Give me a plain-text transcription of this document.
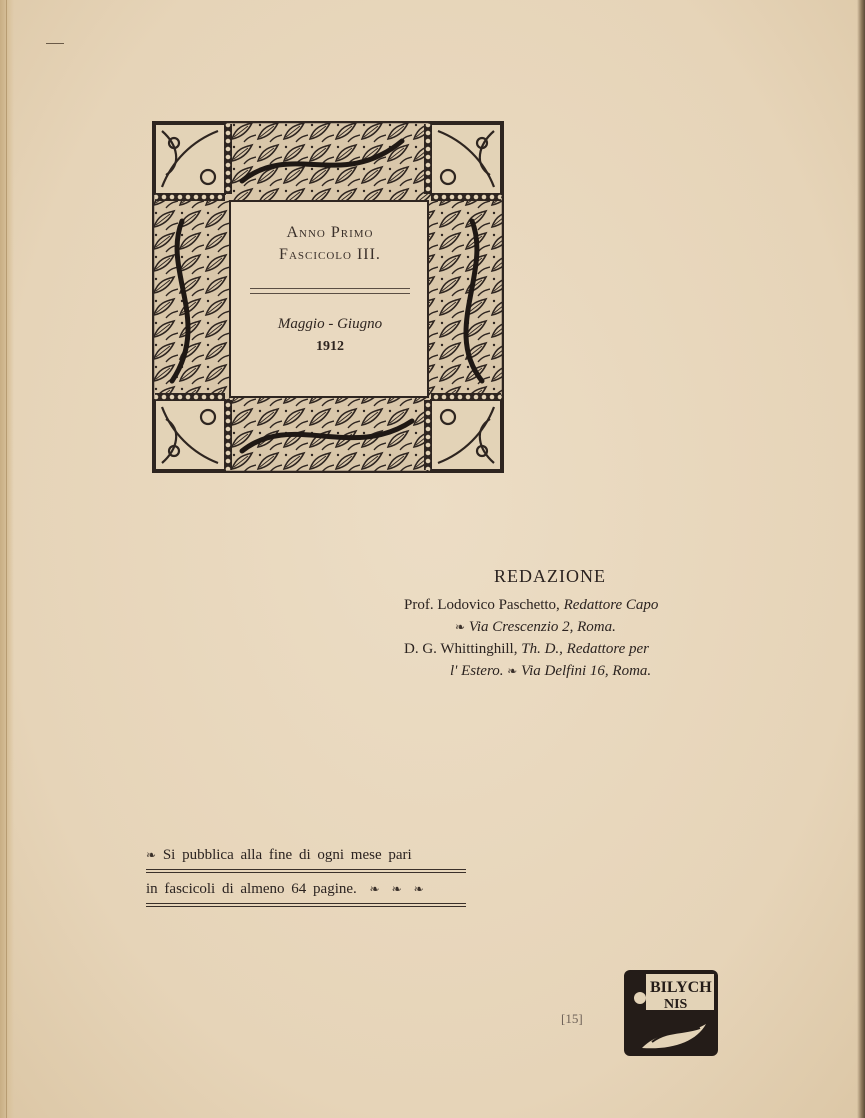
Anno Primo
Fascicolo III.
Maggio - Giugno
1912
REDAZIONE
Prof. Lodovico Paschetto, Redattore Capo
❧ Via Crescenzio 2, Roma.
D. G. Whittinghill, Th. D., Redattore per
l' Estero. ❧ Via Delfini 16, Roma.
❧ Si pubblica alla fine di ogni mese pari
in fascicoli di almeno 64 pagine.  ❧  ❧  ❧
[15]
BILYCH
NIS
